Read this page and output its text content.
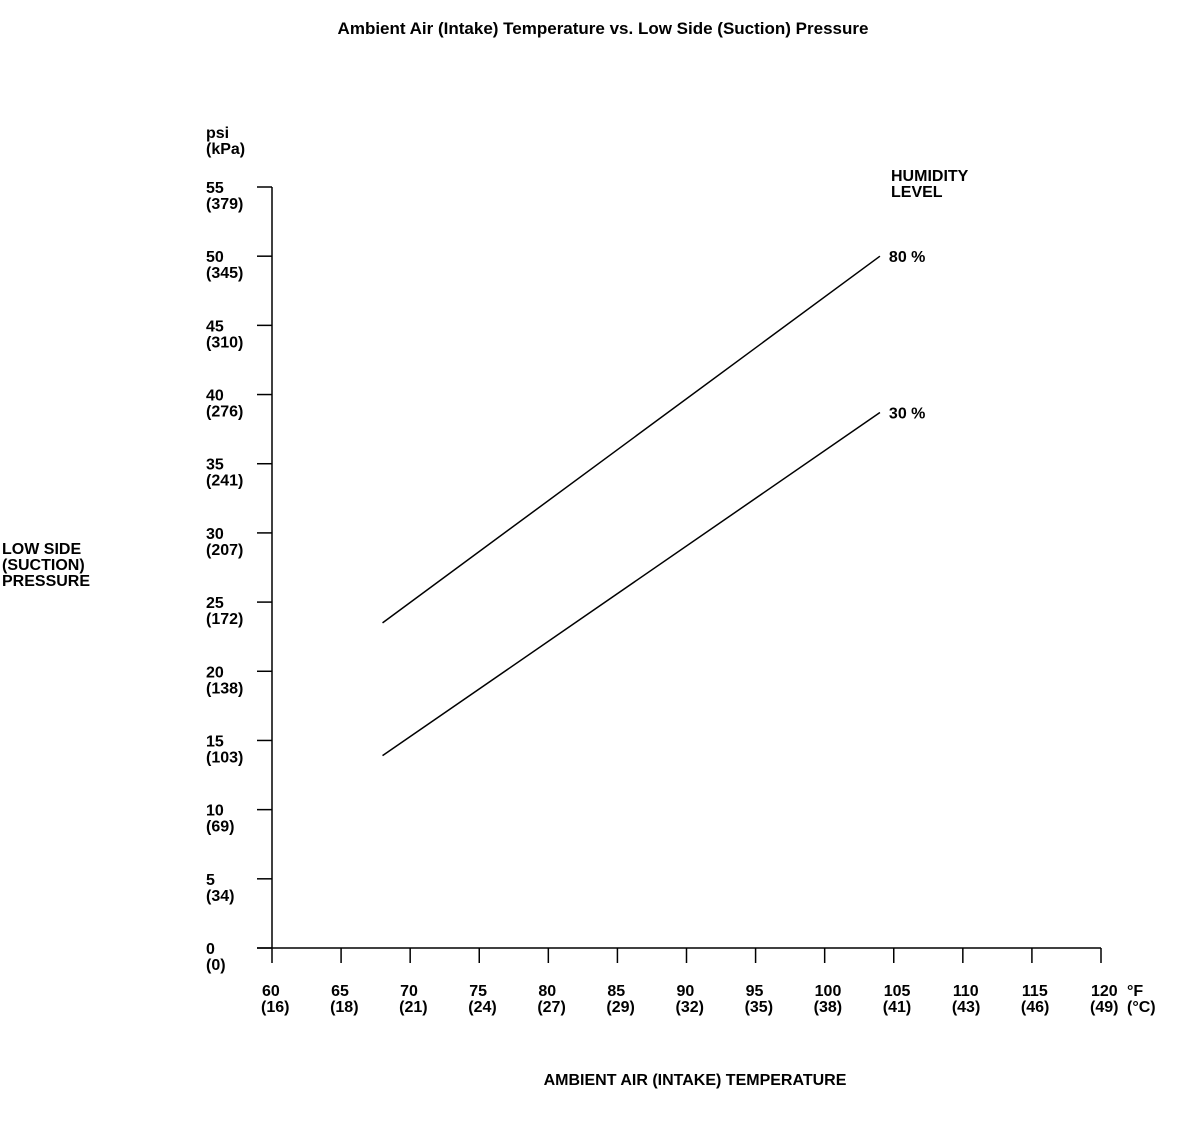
Ambient Air (Intake) Temperature vs. Low Side (Suction) Pressure
psi
(kPa)
LOW SIDE
(SUCTION)
PRESSURE
HUMIDITY
LEVEL
°F
(°C)
AMBIENT AIR (INTAKE) TEMPERATURE
0
(0)
5
(34)
10
(69)
15
(103)
20
(138)
25
(172)
30
(207)
35
(241)
40
(276)
45
(310)
50
(345)
55
(379)
60
(16)
65
(18)
70
(21)
75
(24)
80
(27)
85
(29)
90
(32)
95
(35)
100
(38)
105
(41)
110
(43)
115
(46)
120
(49)
80 %
30 %
